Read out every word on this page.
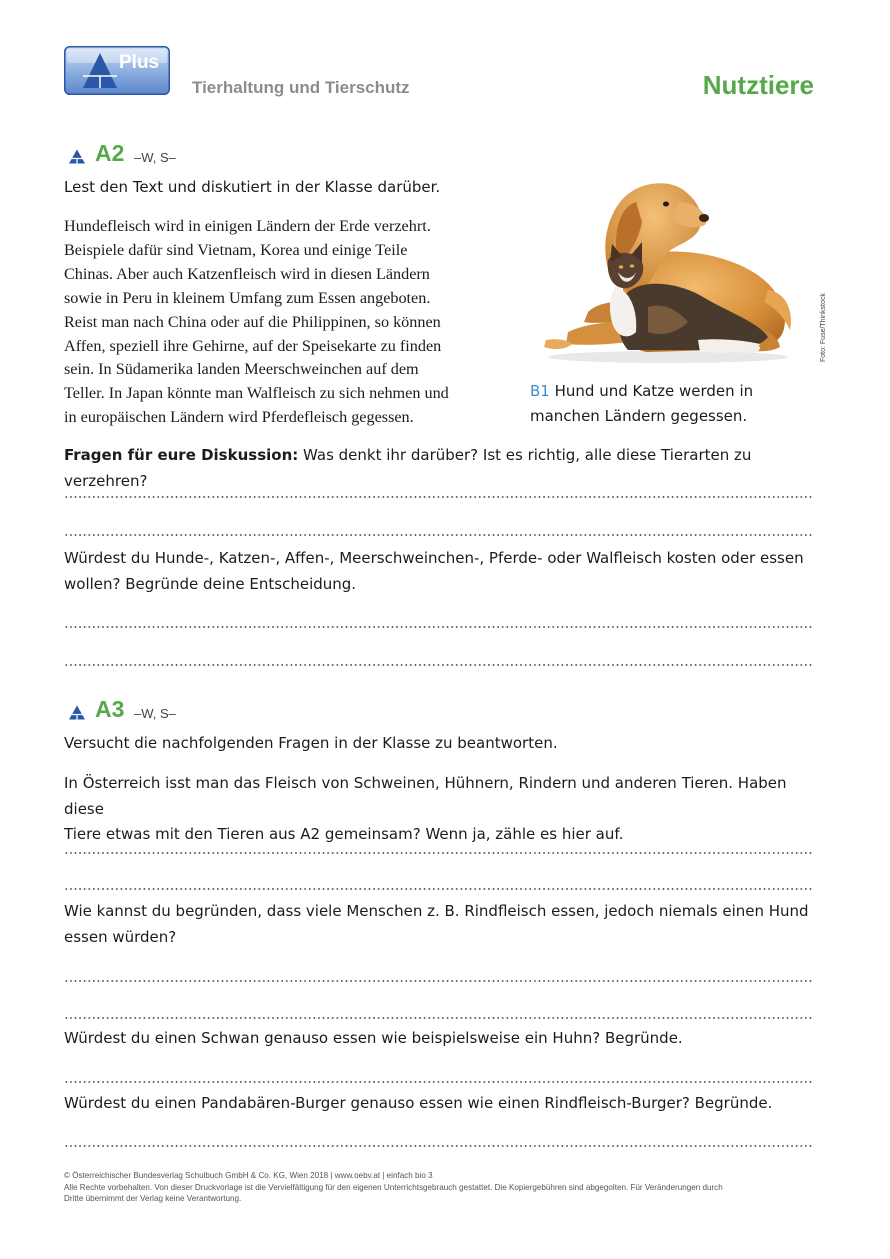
Plus
Tierhaltung und Tierschutz	Nutztiere
A2 –W, S–
Lest den Text und diskutiert in der Klasse darüber.
Hundefleisch wird in einigen Ländern der Erde verzehrt.
Beispiele dafür sind Vietnam, Korea und einige Teile
Chinas. Aber auch Katzenfleisch wird in diesen Ländern
sowie in Peru in kleinem Umfang zum Essen angeboten.
Reist man nach China oder auf die Philippinen, so können
Affen, speziell ihre Gehirne, auf der Speisekarte zu finden
sein. In Südamerika landen Meerschweinchen auf dem
Teller. In Japan könnte man Walfleisch zu sich nehmen und
in europäischen Ländern wird Pferdefleisch gegessen.
Foto: Fuse/Thinkstock
B1 Hund und Katze werden in
manchen Ländern gegessen.
Fragen für eure Diskussion: Was denkt ihr darüber? Ist es richtig, alle diese Tierarten zu verzehren?
Würdest du Hunde-, Katzen-, Affen-, Meerschweinchen-, Pferde- oder Walfleisch kosten oder essen
wollen? Begründe deine Entscheidung.
A3 –W, S–
Versucht die nachfolgenden Fragen in der Klasse zu beantworten.
In Österreich isst man das Fleisch von Schweinen, Hühnern, Rindern und anderen Tieren. Haben diese
Tiere etwas mit den Tieren aus A2 gemeinsam? Wenn ja, zähle es hier auf.
Wie kannst du begründen, dass viele Menschen z. B. Rindfleisch essen, jedoch niemals einen Hund
essen würden?
Würdest du einen Schwan genauso essen wie beispielsweise ein Huhn? Begründe.
Würdest du einen Pandabären-Burger genauso essen wie einen Rindfleisch-Burger? Begründe.
© Österreichischer Bundesverlag Schulbuch GmbH & Co. KG, Wien 2018 | www.oebv.at | einfach bio 3
Alle Rechte vorbehalten. Von dieser Druckvorlage ist die Vervielfältigung für den eigenen Unterrichtsgebrauch gestattet. Die Kopiergebühren sind abgegolten. Für Veränderungen durch
Dritte übernimmt der Verlag keine Verantwortung.
